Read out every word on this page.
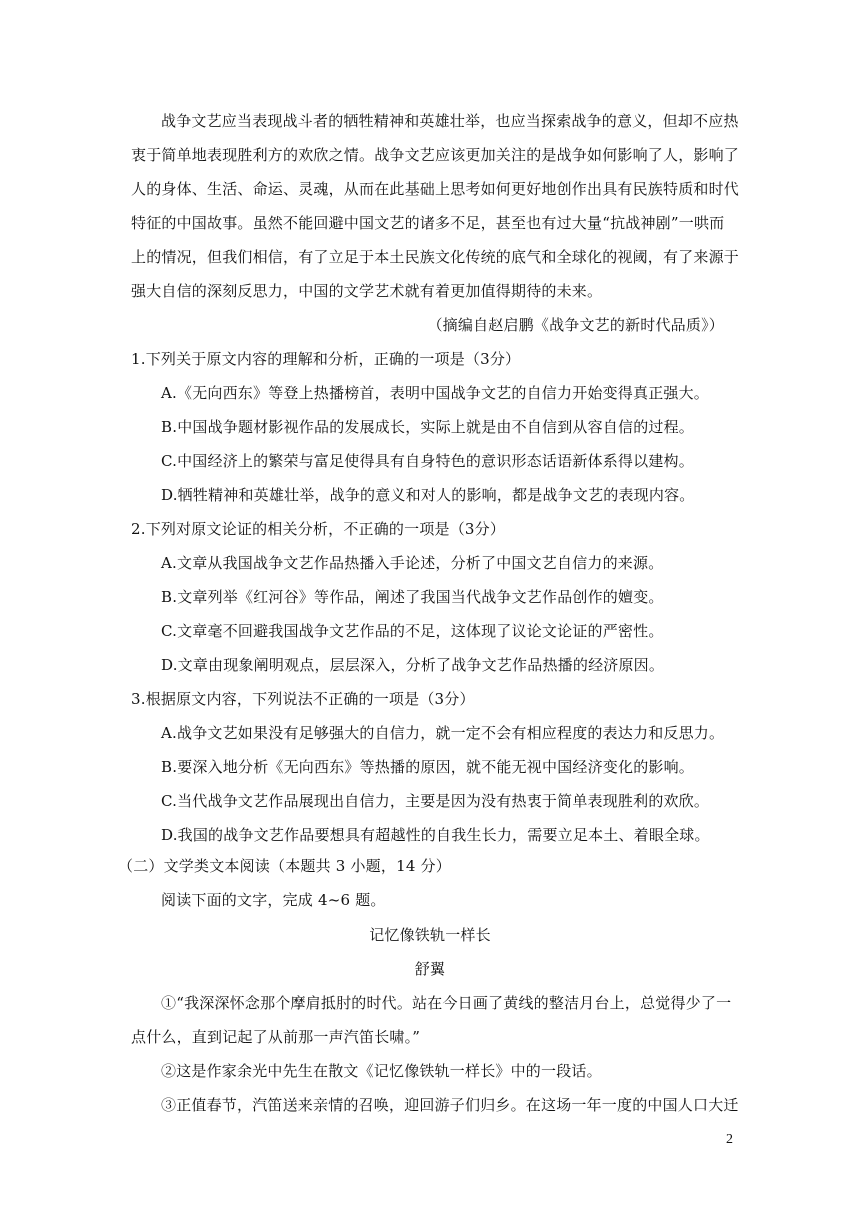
战争文艺应当表现战斗者的牺牲精神和英雄壮举，也应当探索战争的意义，但却不应热
衷于简单地表现胜利方的欢欣之情。战争文艺应该更加关注的是战争如何影响了人，影响了
人的身体、生活、命运、灵魂，从而在此基础上思考如何更好地创作出具有民族特质和时代
特征的中国故事。虽然不能回避中国文艺的诸多不足，甚至也有过大量“抗战神剧”一哄而
上的情况，但我们相信，有了立足于本土民族文化传统的底气和全球化的视阈，有了来源于
强大自信的深刻反思力，中国的文学艺术就有着更加值得期待的未来。
（摘编自赵启鹏《战争文艺的新时代品质》）
1.下列关于原文内容的理解和分析，正确的一项是（3分）
A.《无向西东》等登上热播榜首，表明中国战争文艺的自信力开始变得真正强大。
B.中国战争题材影视作品的发展成长，实际上就是由不自信到从容自信的过程。
C.中国经济上的繁荣与富足使得具有自身特色的意识形态话语新体系得以建构。
D.牺牲精神和英雄壮举，战争的意义和对人的影响，都是战争文艺的表现内容。
2.下列对原文论证的相关分析，不正确的一项是（3分）
A.文章从我国战争文艺作品热播入手论述，分析了中国文艺自信力的来源。
B.文章列举《红河谷》等作品，阐述了我国当代战争文艺作品创作的嬗变。
C.文章毫不回避我国战争文艺作品的不足，这体现了议论文论证的严密性。
D.文章由现象阐明观点，层层深入，分析了战争文艺作品热播的经济原因。
3.根据原文内容，下列说法不正确的一项是（3分）
A.战争文艺如果没有足够强大的自信力，就一定不会有相应程度的表达力和反思力。
B.要深入地分析《无向西东》等热播的原因，就不能无视中国经济变化的影响。
C.当代战争文艺作品展现出自信力，主要是因为没有热衷于简单表现胜利的欢欣。
D.我国的战争文艺作品要想具有超越性的自我生长力，需要立足本土、着眼全球。
（二）文学类文本阅读（本题共 3 小题，14 分）
阅读下面的文字，完成 4~6 题。
记忆像铁轨一样长
舒翼
①“我深深怀念那个摩肩抵肘的时代。站在今日画了黄线的整洁月台上，总觉得少了一
点什么，直到记起了从前那一声汽笛长啸。”
②这是作家余光中先生在散文《记忆像铁轨一样长》中的一段话。
③正值春节，汽笛送来亲情的召唤，迎回游子们归乡。在这场一年一度的中国人口大迁
2
